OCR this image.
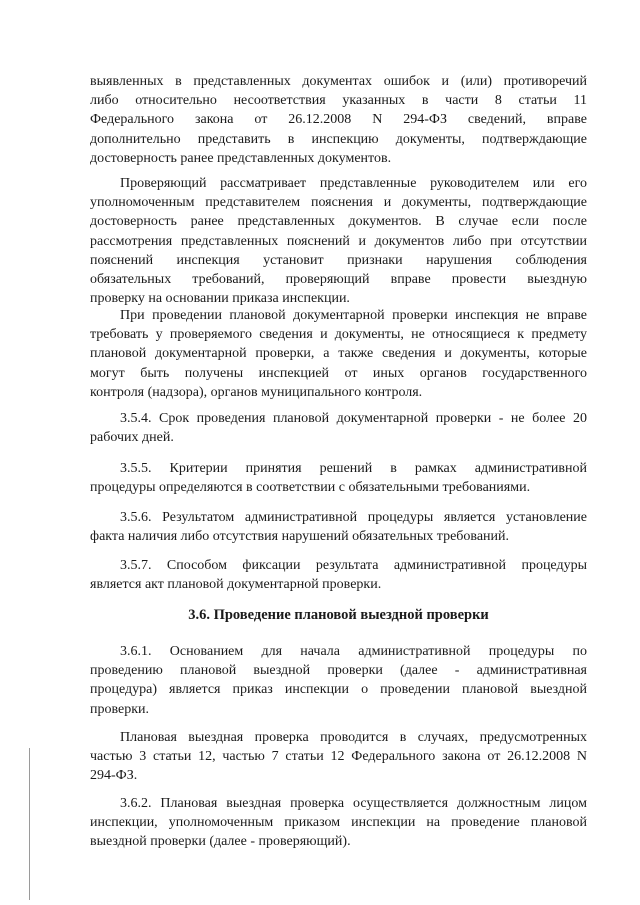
выявленных в представленных документах ошибок и (или) противоречий
либо относительно несоответствия указанных в части 8 статьи 11
Федерального закона от 26.12.2008 N 294-ФЗ сведений, вправе
дополнительно представить в инспекцию документы, подтверждающие
достоверность ранее представленных документов.
Проверяющий рассматривает представленные руководителем или его
уполномоченным представителем пояснения и документы, подтверждающие
достоверность ранее представленных документов. В случае если после
рассмотрения представленных пояснений и документов либо при отсутствии
пояснений инспекция установит признаки нарушения соблюдения
обязательных требований, проверяющий вправе провести выездную
проверку на основании приказа инспекции.
При проведении плановой документарной проверки инспекция не вправе
требовать у проверяемого сведения и документы, не относящиеся к предмету
плановой документарной проверки, а также сведения и документы, которые
могут быть получены инспекцией от иных органов государственного
контроля (надзора), органов муниципального контроля.
3.5.4. Срок проведения плановой документарной проверки - не более 20
рабочих дней.
3.5.5. Критерии принятия решений в рамках административной
процедуры определяются в соответствии с обязательными требованиями.
3.5.6. Результатом административной процедуры является установление
факта наличия либо отсутствия нарушений обязательных требований.
3.5.7. Способом фиксации результата административной процедуры
является акт плановой документарной проверки.
3.6. Проведение плановой выездной проверки
3.6.1. Основанием для начала административной процедуры по
проведению плановой выездной проверки (далее - административная
процедура) является приказ инспекции о проведении плановой выездной
проверки.
Плановая выездная проверка проводится в случаях, предусмотренных
частью 3 статьи 12, частью 7 статьи 12 Федерального закона от 26.12.2008 N
294-ФЗ.
3.6.2. Плановая выездная проверка осуществляется должностным лицом
инспекции, уполномоченным приказом инспекции на проведение плановой
выездной проверки (далее - проверяющий).
